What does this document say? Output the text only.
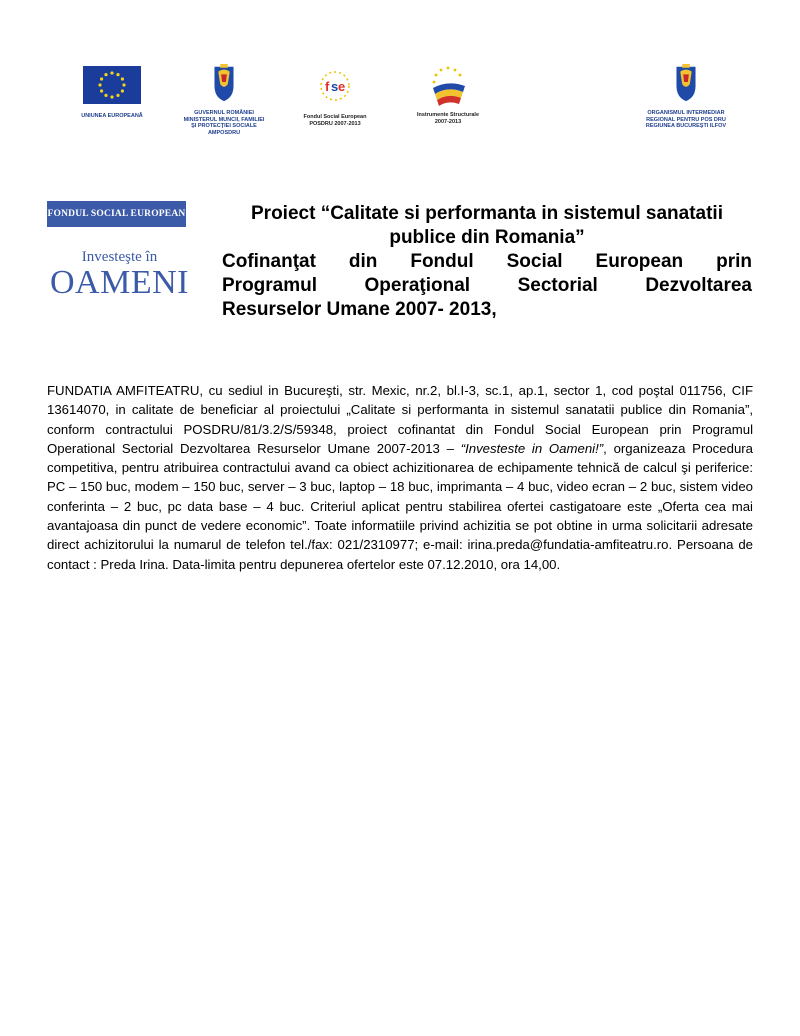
UNIUNEA EUROPEANĂ	GUVERNUL ROMÂNIEI
MINISTERUL MUNCII, FAMILIEI
ŞI PROTECŢIEI SOCIALE
AMPOSDRU
f s e
Fondul Social European
POSDRU 2007-2013
Instrumente Structurale
2007-2013
ORGANISMUL INTERMEDIAR
REGIONAL PENTRU POS DRU
REGIUNEA BUCUREŞTI ILFOV
FONDUL SOCIAL EUROPEAN
Investeşte în
OAMENI
Proiect “Calitate si performanta in sistemul sanatatii
publice din Romania”
Cofinanţat din Fondul Social European prin
Programul Operaţional Sectorial Dezvoltarea
Resurselor Umane 2007- 2013,
FUNDATIA AMFITEATRU, cu sediul in Bucureşti, str. Mexic, nr.2, bl.I-3, sc.1, ap.1, sector 1, cod poştal 011756, CIF 13614070, in calitate de beneficiar al proiectului „Calitate si performanta in sistemul sanatatii publice din Romania”, conform contractului POSDRU/81/3.2/S/59348, proiect cofinantat din Fondul Social European prin Programul Operational Sectorial Dezvoltarea Resurselor Umane 2007-2013 – “Investeste in Oameni!”, organizeaza Procedura competitiva, pentru atribuirea contractului avand ca obiect achizitionarea de echipamente tehnică de calcul şi periferice: PC – 150 buc, modem – 150 buc, server – 3 buc, laptop – 18 buc, imprimanta – 4 buc, video ecran – 2 buc, sistem video conferinta – 2 buc, pc data base – 4 buc. Criteriul aplicat pentru stabilirea ofertei castigatoare este „Oferta cea mai avantajoasa din punct de vedere economic”. Toate informatiile privind achizitia se pot obtine in urma solicitarii adresate direct achizitorului la numarul de telefon tel./fax: 021/2310977; e-mail: irina.preda@fundatia-amfiteatru.ro. Persoana de contact : Preda Irina. Data-limita pentru depunerea ofertelor este 07.12.2010, ora 14,00.
